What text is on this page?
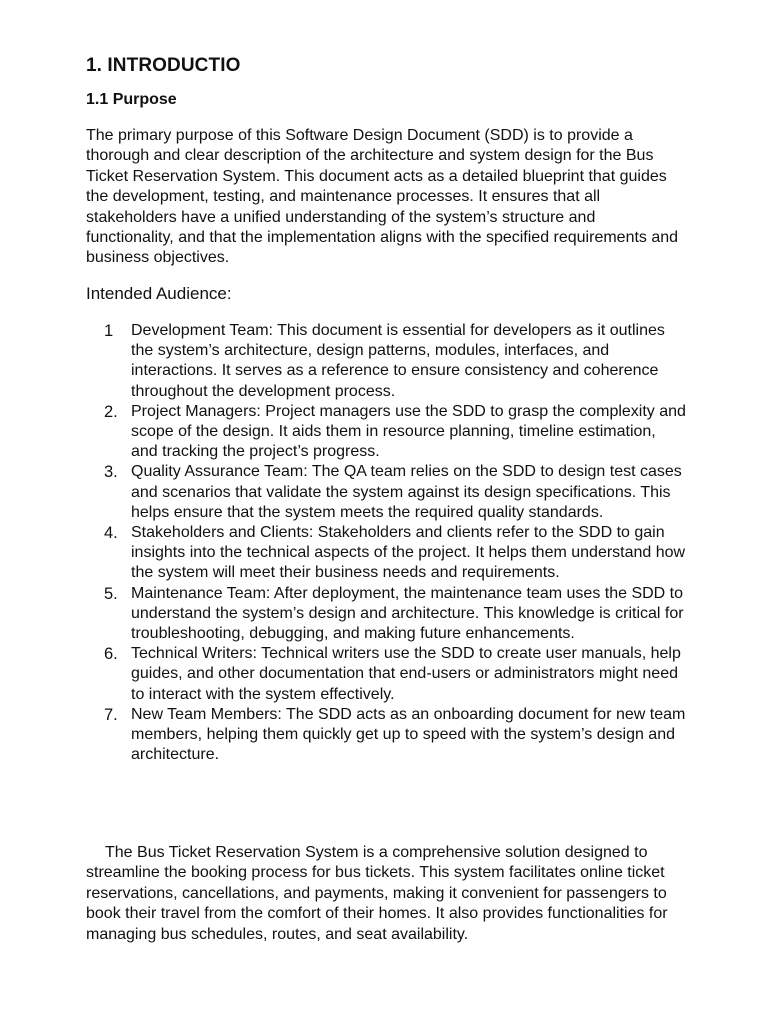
1. INTRODUCTIO
1.1 Purpose

The primary purpose of this Software Design Document (SDD) is to provide a thorough and clear description of the architecture and system design for the Bus Ticket Reservation System. This document acts as a detailed blueprint that guides the development, testing, and maintenance processes. It ensures that all stakeholders have a unified understanding of the system’s structure and functionality, and that the implementation aligns with the specified requirements and business objectives.

Intended Audience:
1	Development Team: This document is essential for developers as it outlines the system’s architecture, design patterns, modules, interfaces, and interactions. It serves as a reference to ensure consistency and coherence throughout the development process.
2. Project Managers: Project managers use the SDD to grasp the complexity and scope of the design. It aids them in resource planning, timeline estimation, and tracking the project’s progress.
3. Quality Assurance Team: The QA team relies on the SDD to design test cases and scenarios that validate the system against its design specifications. This helps ensure that the system meets the required quality standards.
4. Stakeholders and Clients: Stakeholders and clients refer to the SDD to gain insights into the technical aspects of the project. It helps them understand how the system will meet their business needs and requirements.
5. Maintenance Team: After deployment, the maintenance team uses the SDD to understand the system’s design and architecture. This knowledge is critical for troubleshooting, debugging, and making future enhancements.
6. Technical Writers: Technical writers use the SDD to create user manuals, help guides, and other documentation that end-users or administrators might need to interact with the system effectively.
7. New Team Members: The SDD acts as an onboarding document for new team members, helping them quickly get up to speed with the system’s design and architecture.

The Bus Ticket Reservation System is a comprehensive solution designed to streamline the booking process for bus tickets. This system facilitates online ticket reservations, cancellations, and payments, making it convenient for passengers to book their travel from the comfort of their homes. It also provides functionalities for managing bus schedules, routes, and seat availability.
